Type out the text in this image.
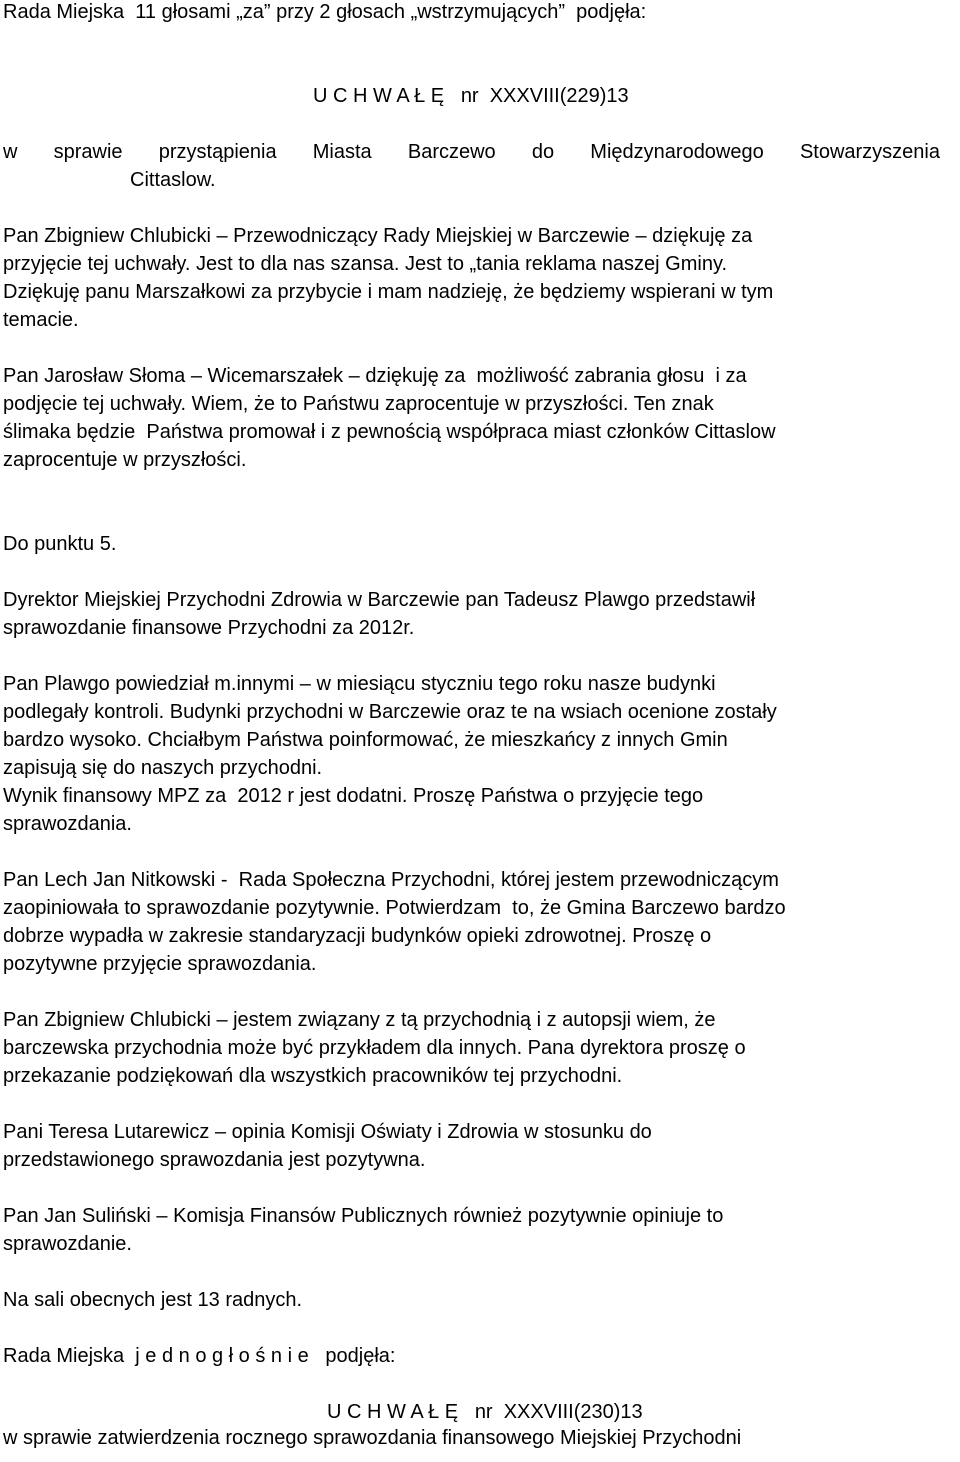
Rada Miejska  11 głosami „za” przy 2 głosach „wstrzymujących”  podjęła:
U C H W A Ł Ę   nr  XXXVIII(229)13
w sprawie przystąpienia Miasta Barczewo do Międzynarodowego Stowarzyszenia
Cittaslow.
Pan Zbigniew Chlubicki – Przewodniczący Rady Miejskiej w Barczewie – dziękuję za
przyjęcie tej uchwały. Jest to dla nas szansa. Jest to „tania reklama naszej Gminy.
Dziękuję panu Marszałkowi za przybycie i mam nadzieję, że będziemy wspierani w tym
temacie.
Pan Jarosław Słoma – Wicemarszałek – dziękuję za  możliwość zabrania głosu  i za
podjęcie tej uchwały. Wiem, że to Państwu zaprocentuje w przyszłości. Ten znak
ślimaka będzie  Państwa promował i z pewnością współpraca miast członków Cittaslow
zaprocentuje w przyszłości.
Do punktu 5.
Dyrektor Miejskiej Przychodni Zdrowia w Barczewie pan Tadeusz Plawgo przedstawił
sprawozdanie finansowe Przychodni za 2012r.
Pan Plawgo powiedział m.innymi – w miesiącu styczniu tego roku nasze budynki
podlegały kontroli. Budynki przychodni w Barczewie oraz te na wsiach ocenione zostały
bardzo wysoko. Chciałbym Państwa poinformować, że mieszkańcy z innych Gmin
zapisują się do naszych przychodni.
Wynik finansowy MPZ za  2012 r jest dodatni. Proszę Państwa o przyjęcie tego
sprawozdania.
Pan Lech Jan Nitkowski -  Rada Społeczna Przychodni, której jestem przewodniczącym
zaopiniowała to sprawozdanie pozytywnie. Potwierdzam  to, że Gmina Barczewo bardzo
dobrze wypadła w zakresie standaryzacji budynków opieki zdrowotnej. Proszę o
pozytywne przyjęcie sprawozdania.
Pan Zbigniew Chlubicki – jestem związany z tą przychodnią i z autopsji wiem, że
barczewska przychodnia może być przykładem dla innych. Pana dyrektora proszę o
przekazanie podziękowań dla wszystkich pracowników tej przychodni.
Pani Teresa Lutarewicz – opinia Komisji Oświaty i Zdrowia w stosunku do
przedstawionego sprawozdania jest pozytywna.
Pan Jan Suliński – Komisja Finansów Publicznych również pozytywnie opiniuje to
sprawozdanie.
Na sali obecnych jest 13 radnych.
Rada Miejska  j e d n o g ł o ś n i e   podjęła:
U C H W A Ł Ę   nr  XXXVIII(230)13
w sprawie zatwierdzenia rocznego sprawozdania finansowego Miejskiej Przychodni
